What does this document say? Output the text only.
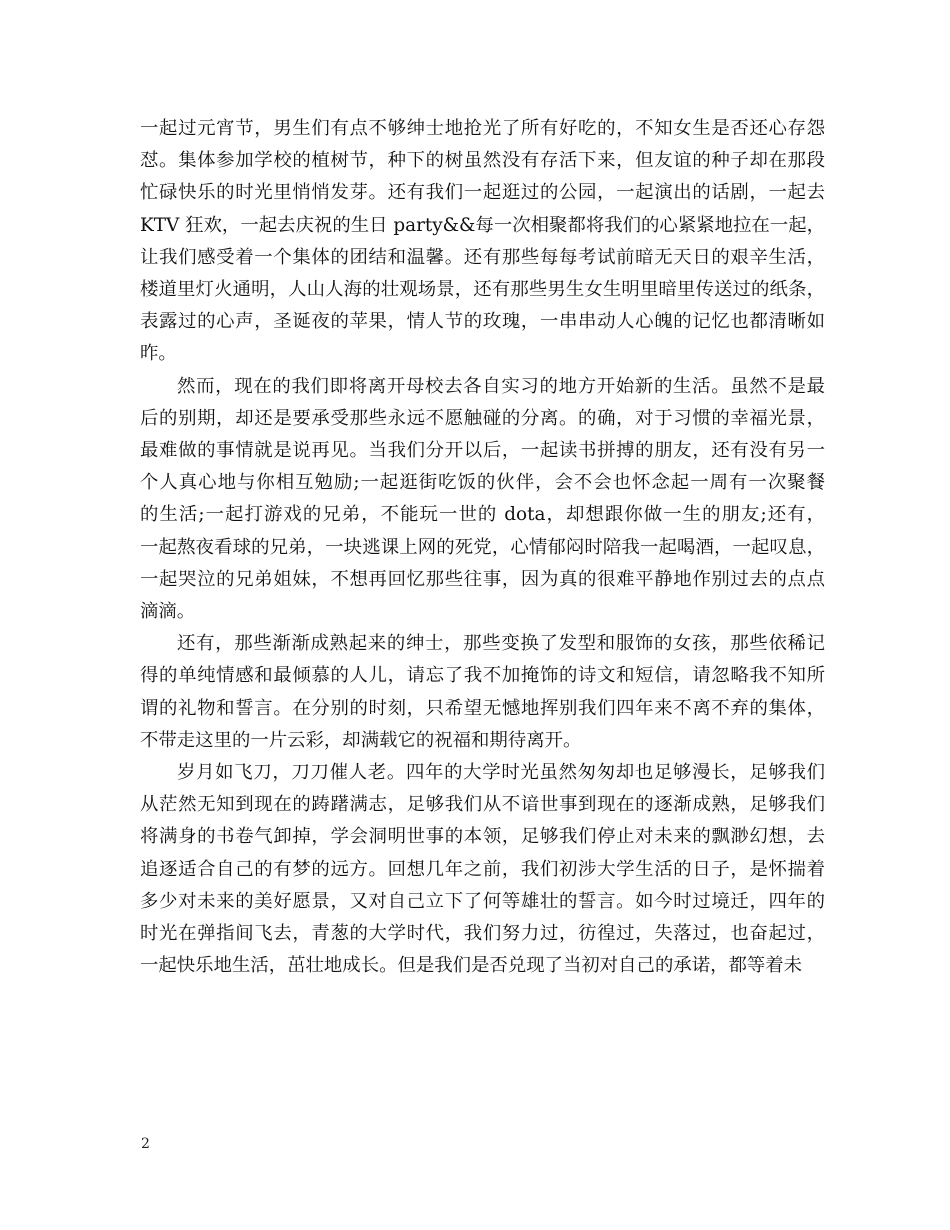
一起过元宵节，男生们有点不够绅士地抢光了所有好吃的，不知女生是否还心存怨
怼。集体参加学校的植树节，种下的树虽然没有存活下来，但友谊的种子却在那段
忙碌快乐的时光里悄悄发芽。还有我们一起逛过的公园，一起演出的话剧，一起去
KTV 狂欢，一起去庆祝的生日 party&&每一次相聚都将我们的心紧紧地拉在一起，
让我们感受着一个集体的团结和温馨。还有那些每每考试前暗无天日的艰辛生活，
楼道里灯火通明，人山人海的壮观场景，还有那些男生女生明里暗里传送过的纸条，
表露过的心声，圣诞夜的苹果，情人节的玫瑰，一串串动人心魄的记忆也都清晰如
昨。
然而，现在的我们即将离开母校去各自实习的地方开始新的生活。虽然不是最
后的别期，却还是要承受那些永远不愿触碰的分离。的确，对于习惯的幸福光景，
最难做的事情就是说再见。当我们分开以后，一起读书拼搏的朋友，还有没有另一
个人真心地与你相互勉励;一起逛街吃饭的伙伴，会不会也怀念起一周有一次聚餐
的生活;一起打游戏的兄弟，不能玩一世的 dota，却想跟你做一生的朋友;还有，
一起熬夜看球的兄弟，一块逃课上网的死党，心情郁闷时陪我一起喝酒，一起叹息，
一起哭泣的兄弟姐妹，不想再回忆那些往事，因为真的很难平静地作别过去的点点
滴滴。
还有，那些渐渐成熟起来的绅士，那些变换了发型和服饰的女孩，那些依稀记
得的单纯情感和最倾慕的人儿，请忘了我不加掩饰的诗文和短信，请忽略我不知所
谓的礼物和誓言。在分别的时刻，只希望无憾地挥别我们四年来不离不弃的集体，
不带走这里的一片云彩，却满载它的祝福和期待离开。
岁月如飞刀，刀刀催人老。四年的大学时光虽然匆匆却也足够漫长，足够我们
从茫然无知到现在的踌躇满志，足够我们从不谙世事到现在的逐渐成熟，足够我们
将满身的书卷气卸掉，学会洞明世事的本领，足够我们停止对未来的飘渺幻想，去
追逐适合自己的有梦的远方。回想几年之前，我们初涉大学生活的日子，是怀揣着
多少对未来的美好愿景，又对自己立下了何等雄壮的誓言。如今时过境迁，四年的
时光在弹指间飞去，青葱的大学时代，我们努力过，彷徨过，失落过，也奋起过，
一起快乐地生活，茁壮地成长。但是我们是否兑现了当初对自己的承诺，都等着未
2
